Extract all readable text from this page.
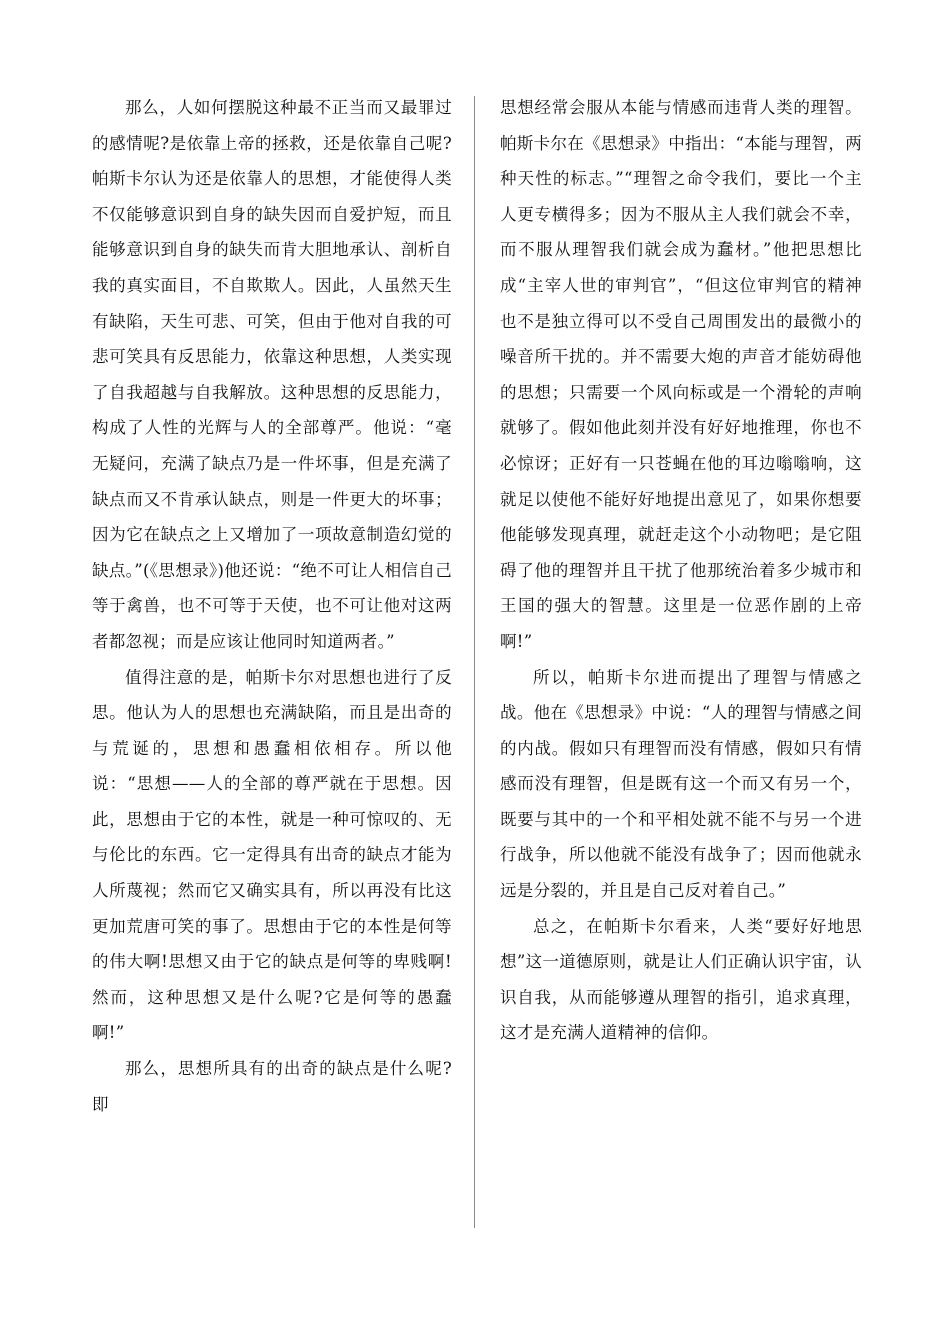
那么，人如何摆脱这种最不正当而又最罪过的感情呢?是依靠上帝的拯救，还是依靠自己呢?帕斯卡尔认为还是依靠人的思想，才能使得人类不仅能够意识到自身的缺失因而自爱护短，而且能够意识到自身的缺失而肯大胆地承认、剖析自我的真实面目，不自欺欺人。因此，人虽然天生有缺陷，天生可悲、可笑，但由于他对自我的可悲可笑具有反思能力，依靠这种思想，人类实现了自我超越与自我解放。这种思想的反思能力，构成了人性的光辉与人的全部尊严。他说：“毫无疑问，充满了缺点乃是一件坏事，但是充满了缺点而又不肯承认缺点，则是一件更大的坏事；因为它在缺点之上又增加了一项故意制造幻觉的缺点。”(《思想录》)他还说：“绝不可让人相信自己等于禽兽，也不可等于天使，也不可让他对这两者都忽视；而是应该让他同时知道两者。”

值得注意的是，帕斯卡尔对思想也进行了反思。他认为人的思想也充满缺陷，而且是出奇的与荒诞的，思想和愚蠢相依相存。所以他说：“思想——人的全部的尊严就在于思想。因此，思想由于它的本性，就是一种可惊叹的、无与伦比的东西。它一定得具有出奇的缺点才能为人所蔑视；然而它又确实具有，所以再没有比这更加荒唐可笑的事了。思想由于它的本性是何等的伟大啊!思想又由于它的缺点是何等的卑贱啊!然而，这种思想又是什么呢?它是何等的愚蠢啊!”

那么，思想所具有的出奇的缺点是什么呢?即

思想经常会服从本能与情感而违背人类的理智。帕斯卡尔在《思想录》中指出：“本能与理智，两种天性的标志。”“理智之命令我们，要比一个主人更专横得多；因为不服从主人我们就会不幸，而不服从理智我们就会成为蠢材。”他把思想比成“主宰人世的审判官”，“但这位审判官的精神也不是独立得可以不受自己周围发出的最微小的噪音所干扰的。并不需要大炮的声音才能妨碍他的思想；只需要一个风向标或是一个滑轮的声响就够了。假如他此刻并没有好好地推理，你也不必惊讶；正好有一只苍蝇在他的耳边嗡嗡响，这就足以使他不能好好地提出意见了，如果你想要他能够发现真理，就赶走这个小动物吧；是它阻碍了他的理智并且干扰了他那统治着多少城市和王国的强大的智慧。这里是一位恶作剧的上帝啊!”

所以，帕斯卡尔进而提出了理智与情感之战。他在《思想录》中说：“人的理智与情感之间的内战。假如只有理智而没有情感，假如只有情感而没有理智，但是既有这一个而又有另一个，既要与其中的一个和平相处就不能不与另一个进行战争，所以他就不能没有战争了；因而他就永远是分裂的，并且是自己反对着自己。”

总之，在帕斯卡尔看来，人类“要好好地思想”这一道德原则，就是让人们正确认识宇宙，认识自我，从而能够遵从理智的指引，追求真理，这才是充满人道精神的信仰。
